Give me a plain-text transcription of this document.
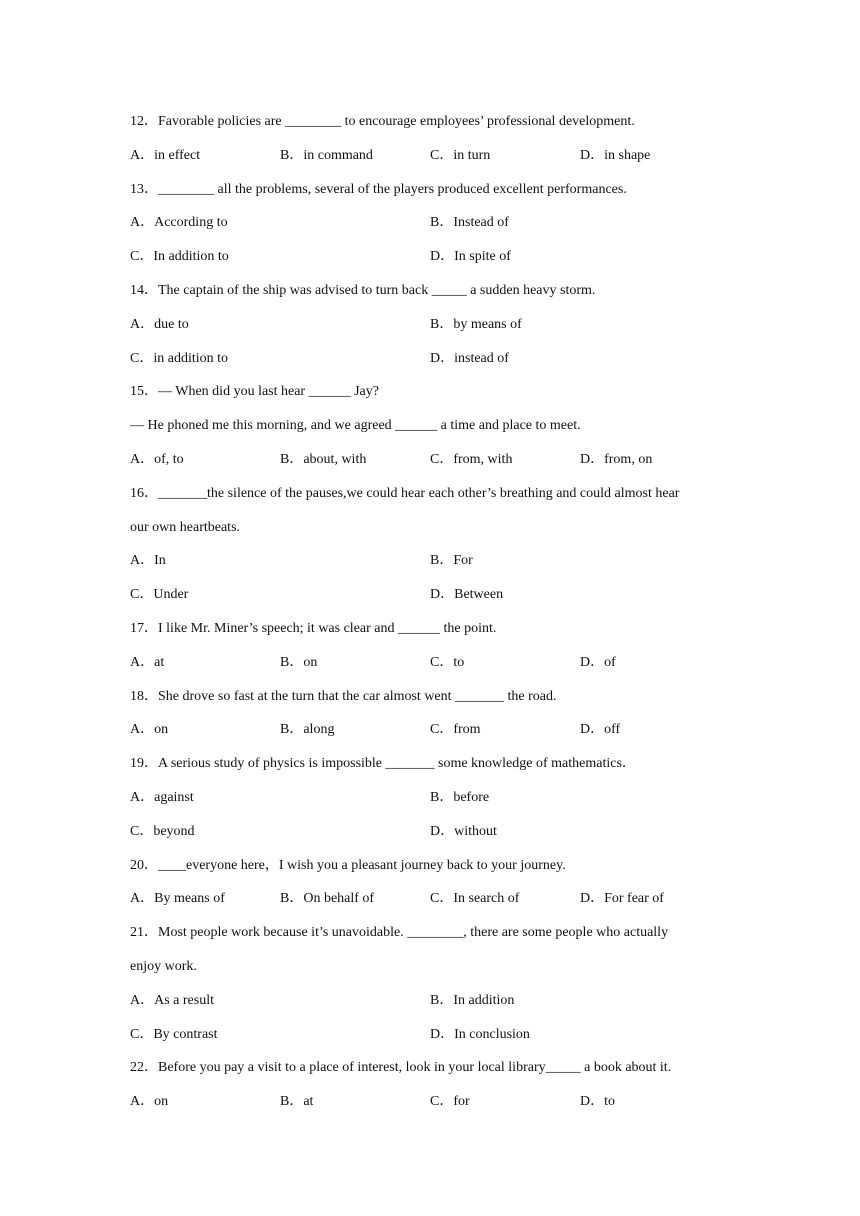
12．Favorable policies are ________ to encourage employees’ professional development.
A．in effect	B．in command	C．in turn	D．in shape
13．________ all the problems, several of the players produced excellent performances.
A．According to	B．Instead of
C．In addition to	D．In spite of
14．The captain of the ship was advised to turn back _____ a sudden heavy storm.
A．due to	B．by means of
C．in addition to	D．instead of
15．— When did you last hear ______ Jay?
— He phoned me this morning, and we agreed ______ a time and place to meet.
A．of, to	B．about, with	C．from, with	D．from, on
16．_______the silence of the pauses,we could hear each other’s breathing and could almost hear
our own heartbeats.
A．In	B．For
C．Under	D．Between
17．I like Mr. Miner’s speech; it was clear and ______ the point.
A．at	B．on	C．to	D．of
18．She drove so fast at the turn that the car almost went _______ the road.
A．on	B．along	C．from	D．off
19．A serious study of physics is impossible _______ some knowledge of mathematics．
A．against	B．before
C．beyond	D．without
20．____everyone here，I wish you a pleasant journey back to your journey.
A．By means of	B．On behalf of	C．In search of	D．For fear of
21．Most people work because it’s unavoidable. ________, there are some people who actually
enjoy work.
A．As a result	B．In addition
C．By contrast	D．In conclusion
22．Before you pay a visit to a place of interest, look in your local library_____ a book about it.
A．on	B．at	C．for	D．to
